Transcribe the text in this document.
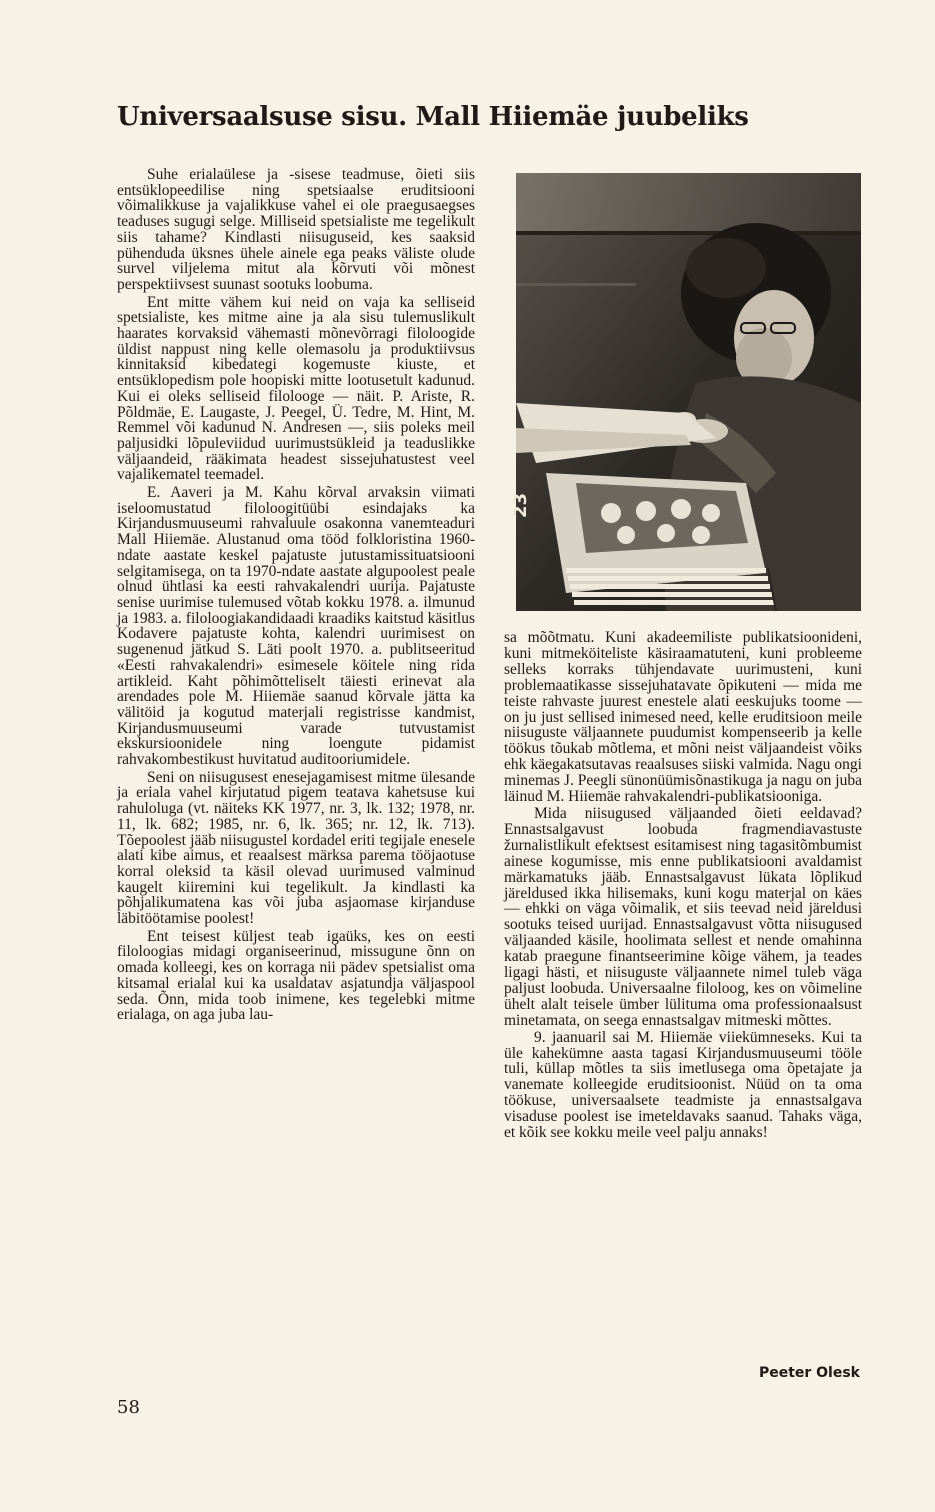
Universaalsuse sisu. Mall Hiiemäe juubeliks

Suhe erialaülese ja -sisese teadmuse, õieti siis entsüklopeedilise ning spetsiaalse eruditsiooni võimalikkuse ja vajalikkuse vahel ei ole praegusaegses teaduses sugugi selge. Milliseid spetsialiste me tegelikult siis tahame? Kindlasti niisuguseid, kes saaksid pühenduda üksnes ühele ainele ega peaks väliste olude survel viljelema mitut ala kõrvuti või mõnest perspektiivsest suunast sootuks loobuma.

Ent mitte vähem kui neid on vaja ka selliseid spetsialiste, kes mitme aine ja ala sisu tulemuslikult haarates korvaksid vähemasti mõnevõrragi filoloogide üldist nappust ning kelle olemasolu ja produktiivsus kinnitaksid kibedategi kogemuste kiuste, et entsüklopedism pole hoopiski mitte lootusetult kadunud. Kui ei oleks selliseid filolooge — näit. P. Ariste, R. Põldmäe, E. Laugaste, J. Peegel, Ü. Tedre, M. Hint, M. Remmel või kadunud N. Andresen —, siis poleks meil paljusidki lõpuleviidud uurimustsükleid ja teaduslikke väljaandeid, rääkimata headest sissejuhatustest veel vajalikematel teemadel.

E. Aaveri ja M. Kahu kõrval arvaksin viimati iseloomustatud filoloogitüübi esindajaks ka Kirjandusmuuseumi rahvaluule osakonna vanemteaduri Mall Hiiemäe. Alustanud oma tööd folkloristina 1960-ndate aastate keskel pajatuste jutustamissituatsiooni selgitamisega, on ta 1970-ndate aastate algupoolest peale olnud ühtlasi ka eesti rahvakalendri uurija. Pajatuste senise uurimise tulemused võtab kokku 1978. a. ilmunud ja 1983. a. filoloogiakandidaadi kraadiks kaitstud käsitlus Kodavere pajatuste kohta, kalendri uurimisest on sugenenud jätkud S. Läti poolt 1970. a. publitseeritud «Eesti rahvakalendri» esimesele köitele ning rida artikleid. Kaht põhimõtteliselt täiesti erinevat ala arendades pole M. Hiiemäe saanud kõrvale jätta ka välitöid ja kogutud materjali registrisse kandmist, Kirjandusmuuseumi varade tutvustamist ekskursioonidele ning loengute pidamist rahvakombestikust huvitatud auditooriumidele.

Seni on niisugusest enesejagamisest mitme ülesande ja eriala vahel kirjutatud pigem teatava kahetsuse kui rahuloluga (vt. näiteks KK 1977, nr. 3, lk. 132; 1978, nr. 11, lk. 682; 1985, nr. 6, lk. 365; nr. 12, lk. 713). Tõepoolest jääb niisugustel kordadel eriti tegijale enesele alati kibe aimus, et reaalsest märksa parema tööjaotuse korral oleksid ta käsil olevad uurimused valminud kaugelt kiiremini kui tegelikult. Ja kindlasti ka põhjalikumatena kas või juba asjaomase kirjanduse läbitöötamise poolest!

Ent teisest küljest teab igaüks, kes on eesti filoloogias midagi organiseerinud, missugune õnn on omada kolleegi, kes on korraga nii pädev spetsialist oma kitsamal erialal kui ka usaldatav asjatundja väljaspool seda. Õnn, mida toob inimene, kes tegelebki mitme erialaga, on aga juba lau-

23

sa mõõtmatu. Kuni akadeemiliste publikatsioonideni, kuni mitmeköiteliste käsiraamatuteni, kuni probleeme selleks korraks tühjendavate uurimusteni, kuni problemaatikasse sissejuhatavate õpikuteni — mida me teiste rahvaste juurest enestele alati eeskujuks toome — on ju just sellised inimesed need, kelle eruditsioon meile niisuguste väljaannete puudumist kompenseerib ja kelle töökus tõukab mõtlema, et mõni neist väljaandeist võiks ehk käegakatsutavas reaalsuses siiski valmida. Nagu ongi minemas J. Peegli sünonüümisõnastikuga ja nagu on juba läinud M. Hiiemäe rahvakalendri-publikatsiooniga.

Mida niisugused väljaanded õieti eeldavad? Ennastsalgavust loobuda fragmendiavastuste žurnalistlikult efektsest esitamisest ning tagasitõmbumist ainese kogumisse, mis enne publikatsiooni avaldamist märkamatuks jääb. Ennastsalgavust lükata lõplikud järeldused ikka hilisemaks, kuni kogu materjal on käes — ehkki on väga võimalik, et siis teevad neid järeldusi sootuks teised uurijad. Ennastsalgavust võtta niisugused väljaanded käsile, hoolimata sellest et nende omahinna katab praegune finantseerimine kõige vähem, ja teades ligagi hästi, et niisuguste väljaannete nimel tuleb väga paljust loobuda. Universaalne filoloog, kes on võimeline ühelt alalt teisele ümber lülituma oma professionaalsust minetamata, on seega ennastsalgav mitmeski mõttes.

9. jaanuaril sai M. Hiiemäe viiekümneseks. Kui ta üle kahekümne aasta tagasi Kirjandusmuuseumi tööle tuli, küllap mõtles ta siis imetlusega oma õpetajate ja vanemate kolleegide eruditsioonist. Nüüd on ta oma töökuse, universaalsete teadmiste ja ennastsalgava visaduse poolest ise imeteldavaks saanud. Tahaks väga, et kõik see kokku meile veel palju annaks!

Peeter Olesk
58
